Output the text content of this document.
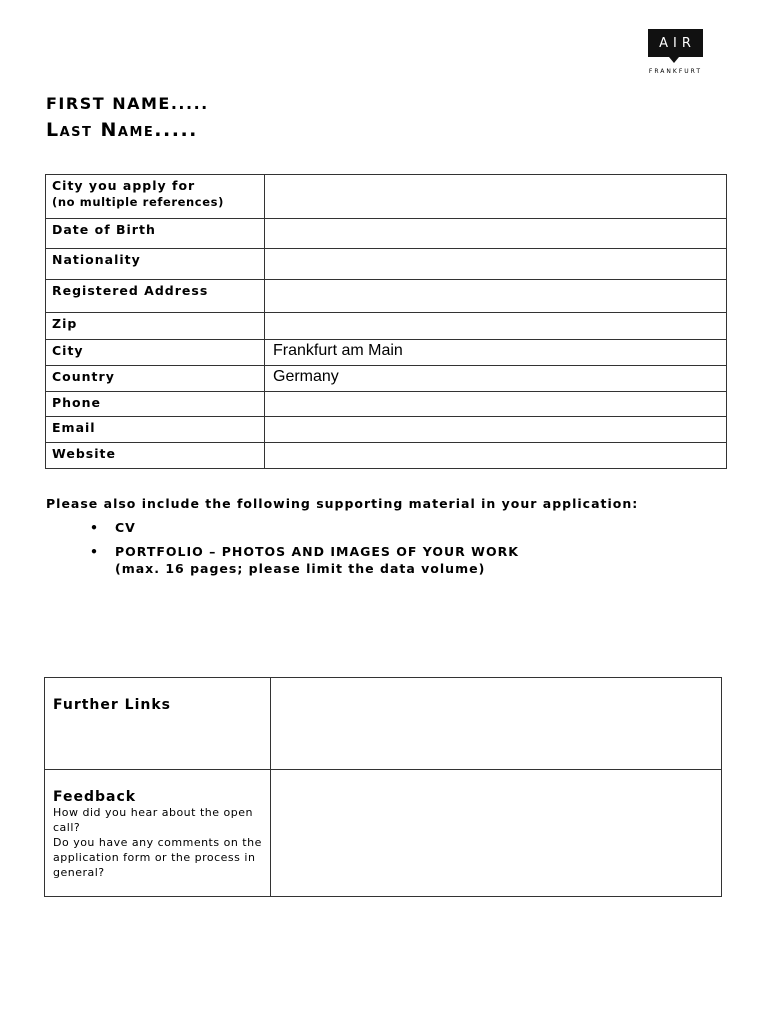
AIR
FRANKFURT
FIRST NAME.....
Last Name.....
City you apply for
(no multiple references)	

Date of Birth	

Nationality	

Registered Address	

Zip	

City	Frankfurt am Main

Country	Germany

Phone	

Email	

Website	

Please also include the following supporting material in your application:
• CV
• PORTFOLIO – PHOTOS AND IMAGES OF YOUR WORK
(max. 16 pages; please limit the data volume)
Further Links	

Feedback
How did you hear about the open call?
Do you have any comments on the application form or the process in general?	
